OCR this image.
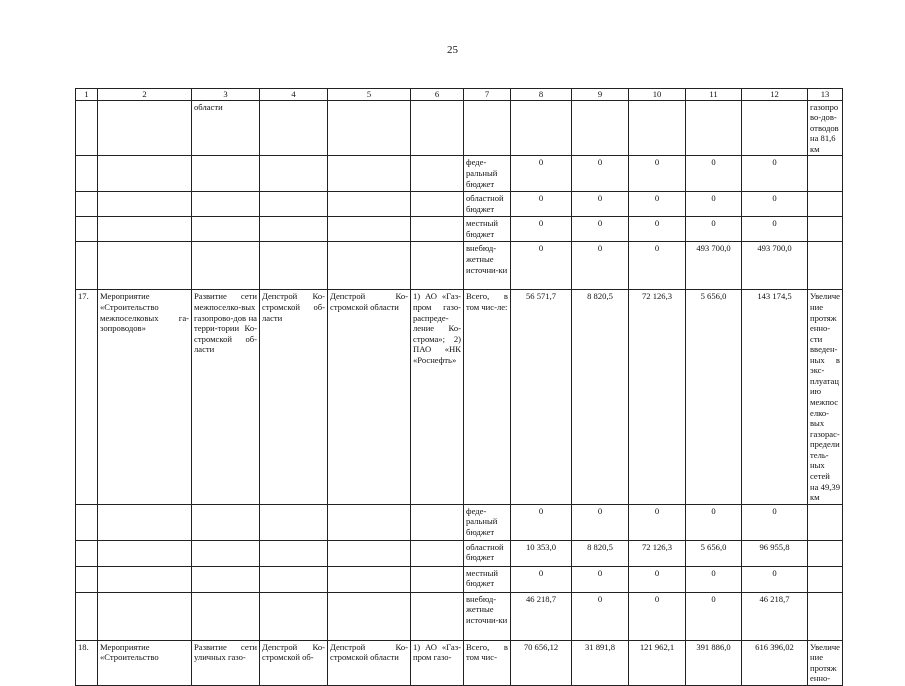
25
1	2	3	4	5	6	7	8	9	10	11	12	13
		области										газопрово-дов-отводов на 81,6 км
						феде-ральный бюджет	0	0	0	0	0	
						областной бюджет	0	0	0	0	0	
						местный бюджет	0	0	0	0	0	
						внебюд-жетные источни-ки	0	0	0	493 700,0	493 700,0	
17.	Мероприятие «Строительство межпоселковых га-зопроводов»	Развитие сети межпоселко-вых газопрово-дов на терри-тории Ко-стромской об-ласти	Депстрой Ко-стромской об-ласти	Депстрой Ко-стромской области	1) АО «Газ-пром газо-распреде-ление Ко-строма»; 2) ПАО «НК «Роснефть»	Всего, в том чис-ле:	56 571,7	8 820,5	72 126,3	5 656,0	143 174,5	Увеличение протяженно-сти введен-ных в экс-плуатацию межпоселко-вых газорас-пределитель-ных сетей на 49,39 км
						феде-ральный бюджет	0	0	0	0	0	
						областной бюджет	10 353,0	8 820,5	72 126,3	5 656,0	96 955,8	
						местный бюджет	0	0	0	0	0	
						внебюд-жетные источни-ки	46 218,7	0	0	0	46 218,7	
18.	Мероприятие «Строительство	Развитие сети уличных газо-	Депстрой Ко-стромской об-	Депстрой Ко-стромской области	1) АО «Газ-пром газо-	Всего, в том чис-	70 656,12	31 891,8	121 962,1	391 886,0	616 396,02	Увеличение протяженно-
